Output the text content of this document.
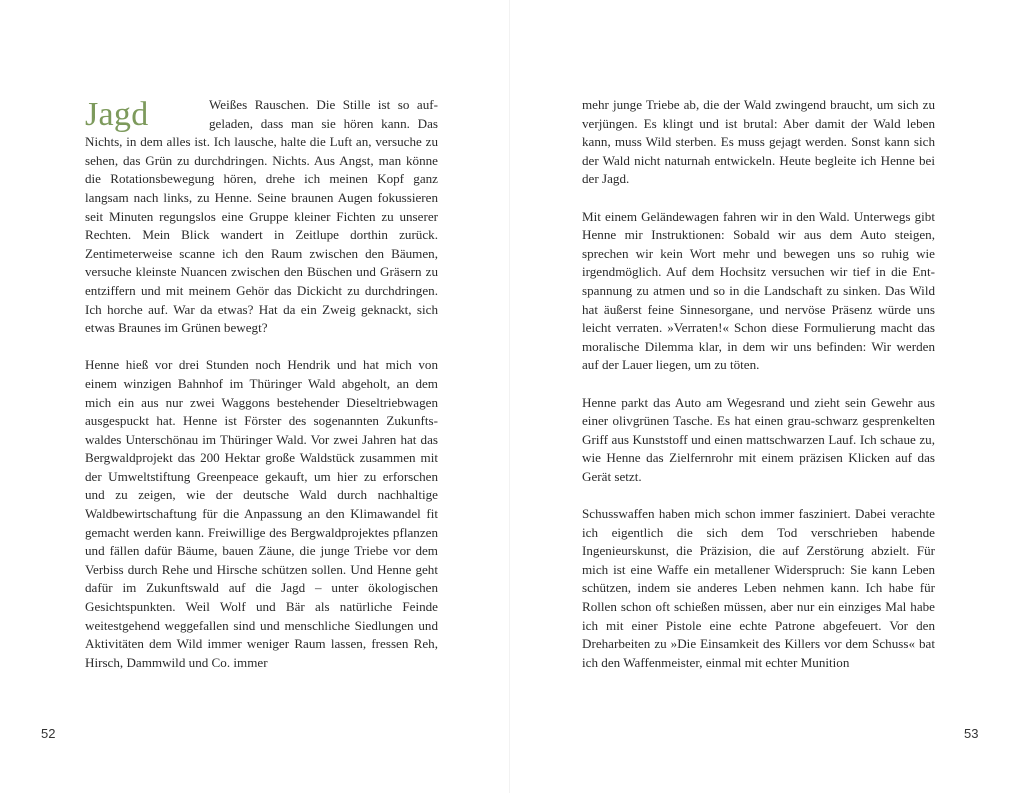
Jagd	Weißes Rauschen. Die Stille ist so aufgeladen, dass man sie hören kann. Das Nichts, in dem alles ist. Ich lausche, halte die Luft an, versuche zu sehen, das Grün zu durchdringen. Nichts. Aus Angst, man könne die Rotationsbewegung hören, drehe ich meinen Kopf ganz langsam nach links, zu Henne. Seine braunen Augen fokussieren seit Minuten regungslos eine Gruppe kleiner Fichten zu unserer Rechten. Mein Blick wandert in Zeitlupe dorthin zurück. Zentimeterweise scanne ich den Raum zwischen den Bäumen, versuche kleinste Nuancen zwischen den Büschen und Gräsern zu entziffern und mit meinem Gehör das Dickicht zu durchdringen. Ich horche auf. War da etwas? Hat da ein Zweig geknackt, sich etwas Braunes im Grünen bewegt?

Henne hieß vor drei Stunden noch Hendrik und hat mich von einem winzigen Bahnhof im Thüringer Wald abgeholt, an dem mich ein aus nur zwei Waggons bestehender Dieseltriebwagen ausgespuckt hat. Henne ist Förster des sogenannten Zukunftswaldes Unterschönau im Thüringer Wald. Vor zwei Jahren hat das Bergwaldprojekt das 200 Hektar große Waldstück zusammen mit der Umweltstiftung Greenpeace gekauft, um hier zu erforschen und zu zeigen, wie der deutsche Wald durch nachhaltige Waldbewirtschaftung für die Anpassung an den Klimawandel fit gemacht werden kann. Freiwillige des Bergwaldprojektes pflanzen und fällen dafür Bäume, bauen Zäune, die junge Triebe vor dem Verbiss durch Rehe und Hirsche schützen sollen. Und Henne geht dafür im Zukunftswald auf die Jagd – unter ökologischen Gesichtspunkten. Weil Wolf und Bär als natürliche Feinde weitestgehend weggefallen sind und menschliche Siedlungen und Aktivitäten dem Wild immer weniger Raum lassen, fressen Reh, Hirsch, Dammwild und Co. immer

52

mehr junge Triebe ab, die der Wald zwingend braucht, um sich zu verjüngen. Es klingt und ist brutal: Aber damit der Wald leben kann, muss Wild sterben. Es muss gejagt werden. Sonst kann sich der Wald nicht naturnah entwickeln. Heute begleite ich Henne bei der Jagd.

Mit einem Geländewagen fahren wir in den Wald. Unterwegs gibt Henne mir Instruktionen: Sobald wir aus dem Auto steigen, sprechen wir kein Wort mehr und bewegen uns so ruhig wie irgendmöglich. Auf dem Hochsitz versuchen wir tief in die Entspannung zu atmen und so in die Landschaft zu sinken. Das Wild hat äußerst feine Sinnesorgane, und nervöse Präsenz würde uns leicht verraten. »Verraten!« Schon diese Formulierung macht das moralische Dilemma klar, in dem wir uns befinden: Wir werden auf der Lauer liegen, um zu töten.

Henne parkt das Auto am Wegesrand und zieht sein Gewehr aus einer olivgrünen Tasche. Es hat einen grau-schwarz gesprenkelten Griff aus Kunststoff und einen mattschwarzen Lauf. Ich schaue zu, wie Henne das Zielfernrohr mit einem präzisen Klicken auf das Gerät setzt.

Schusswaffen haben mich schon immer fasziniert. Dabei verachte ich eigentlich die sich dem Tod verschrieben habende Ingenieurskunst, die Präzision, die auf Zerstörung abzielt. Für mich ist eine Waffe ein metallener Widerspruch: Sie kann Leben schützen, indem sie anderes Leben nehmen kann. Ich habe für Rollen schon oft schießen müssen, aber nur ein einziges Mal habe ich mit einer Pistole eine echte Patrone abgefeuert. Vor den Dreharbeiten zu »Die Einsamkeit des Killers vor dem Schuss« bat ich den Waffenmeister, einmal mit echter Munition

53
